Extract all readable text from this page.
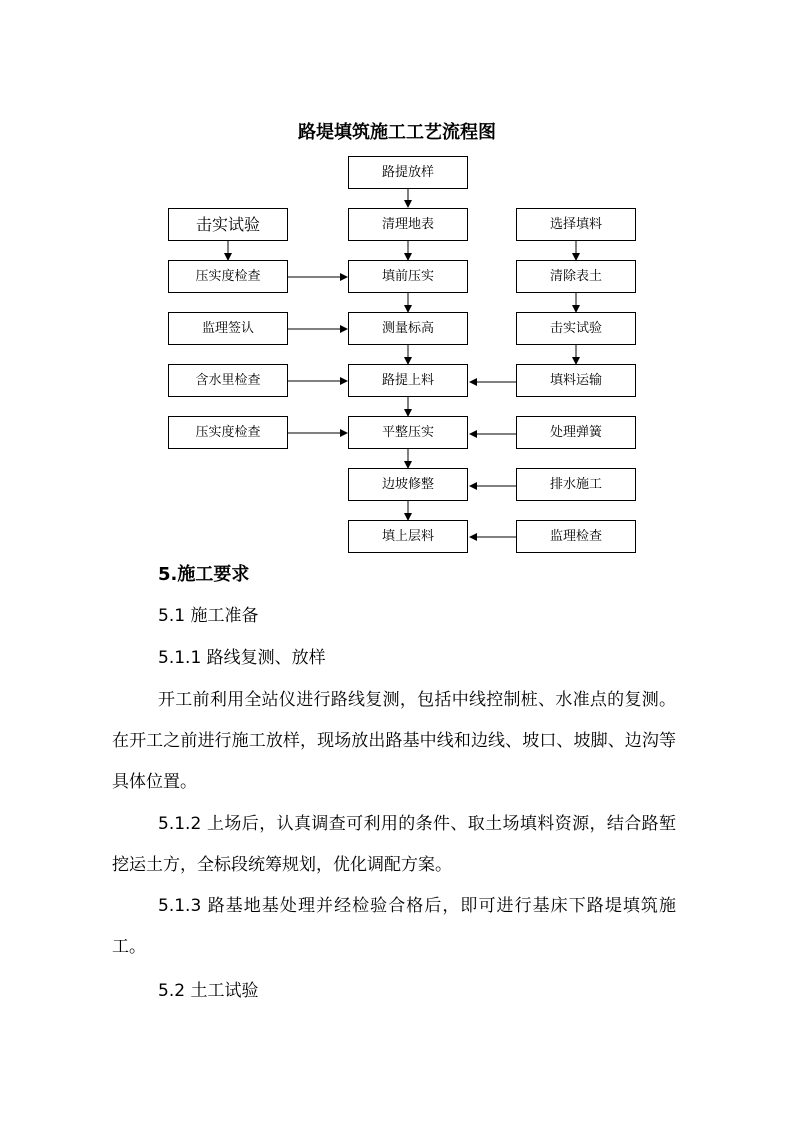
路堤填筑施工工艺流程图
路提放样
清理地表
填前压实
测量标高
路提上料
平整压实
边坡修整
填上层料
击实试验
压实度检查
监理签认
含水里检查
压实度检查
选择填料
清除表土
击实试验
填料运输
处理弹簧
排水施工
监理检查
5.施工要求
5.1 施工准备
5.1.1 路线复测、放样
开工前利用全站仪进行路线复测，包括中线控制桩、水准点的复测。在开工之前进行施工放样，现场放出路基中线和边线、坡口、坡脚、边沟等具体位置。
5.1.2 上场后，认真调查可利用的条件、取土场填料资源，结合路堑挖运土方，全标段统筹规划，优化调配方案。
5.1.3 路基地基处理并经检验合格后，即可进行基床下路堤填筑施工。
5.2 土工试验
